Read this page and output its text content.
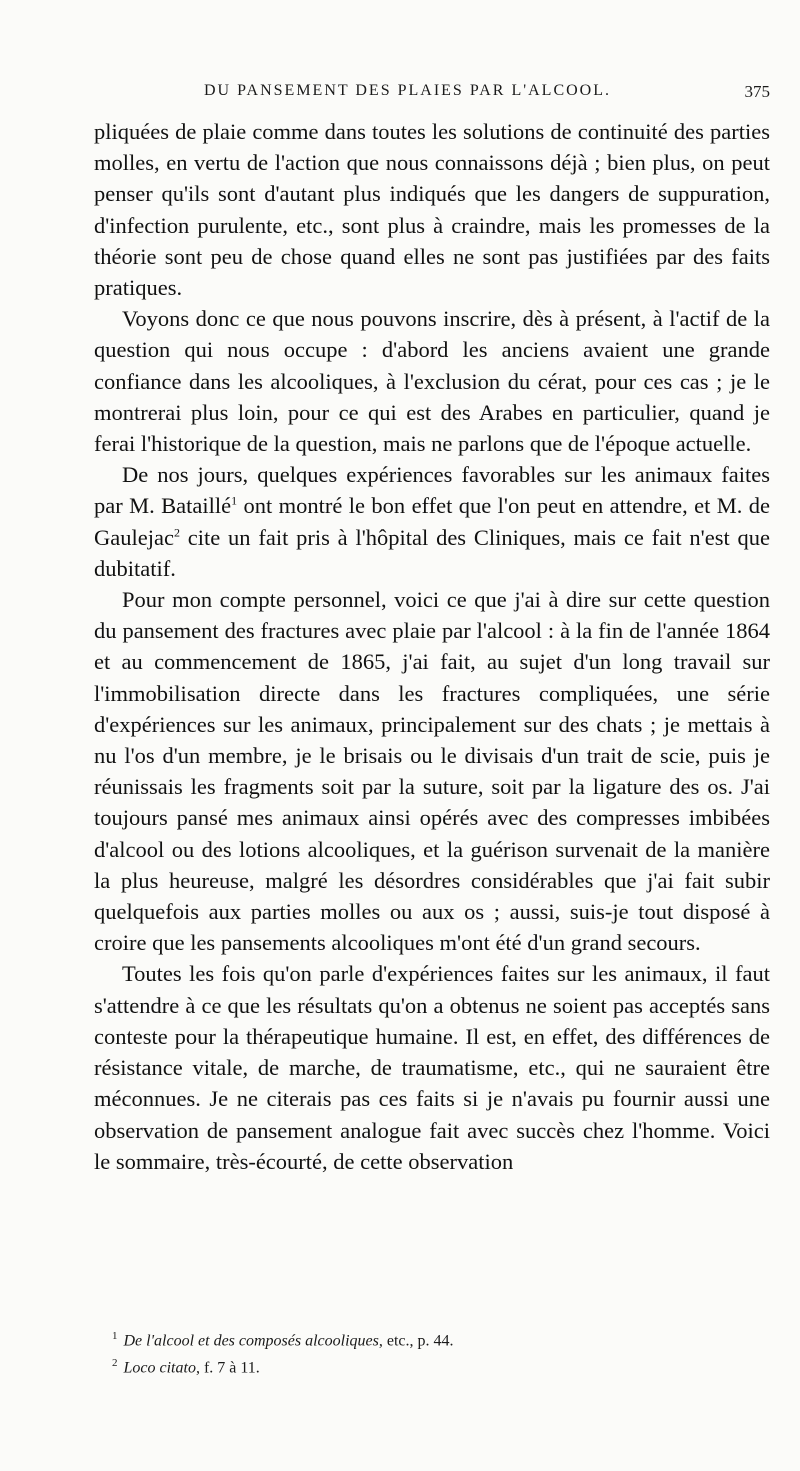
DU PANSEMENT DES PLAIES PAR L'ALCOOL.	375

pliquées de plaie comme dans toutes les solutions de continuité des parties molles, en vertu de l'action que nous connaissons déjà ; bien plus, on peut penser qu'ils sont d'autant plus indiqués que les dangers de suppuration, d'infection purulente, etc., sont plus à craindre, mais les promesses de la théorie sont peu de chose quand elles ne sont pas justifiées par des faits pratiques.

Voyons donc ce que nous pouvons inscrire, dès à présent, à l'actif de la question qui nous occupe : d'abord les anciens avaient une grande confiance dans les alcooliques, à l'exclusion du cérat, pour ces cas ; je le montrerai plus loin, pour ce qui est des Arabes en particulier, quand je ferai l'historique de la question, mais ne parlons que de l'époque actuelle.

De nos jours, quelques expériences favorables sur les animaux faites par M. Bataillé$^1$ ont montré le bon effet que l'on peut en attendre, et M. de Gaulejac$^2$ cite un fait pris à l'hôpital des Cliniques, mais ce fait n'est que dubitatif.

Pour mon compte personnel, voici ce que j'ai à dire sur cette question du pansement des fractures avec plaie par l'alcool : à la fin de l'année 1864 et au commencement de 1865, j'ai fait, au sujet d'un long travail sur l'immobilisation directe dans les fractures compliquées, une série d'expériences sur les animaux, principalement sur des chats ; je mettais à nu l'os d'un membre, je le brisais ou le divisais d'un trait de scie, puis je réunissais les fragments soit par la suture, soit par la ligature des os. J'ai toujours pansé mes animaux ainsi opérés avec des compresses imbibées d'alcool ou des lotions alcooliques, et la guérison survenait de la manière la plus heureuse, malgré les désordres considérables que j'ai fait subir quelquefois aux parties molles ou aux os ; aussi, suis-je tout disposé à croire que les pansements alcooliques m'ont été d'un grand secours.

Toutes les fois qu'on parle d'expériences faites sur les animaux, il faut s'attendre à ce que les résultats qu'on a obtenus ne soient pas acceptés sans conteste pour la thérapeutique humaine. Il est, en effet, des différences de résistance vitale, de marche, de traumatisme, etc., qui ne sauraient être méconnues. Je ne citerais pas ces faits si je n'avais pu fournir aussi une observation de pansement analogue fait avec succès chez l'homme. Voici le sommaire, très-écourté, de cette observation

$^1$ De l'alcool et des composés alcooliques, etc., p. 44.
$^2$ Loco citato, f. 7 à 11.
